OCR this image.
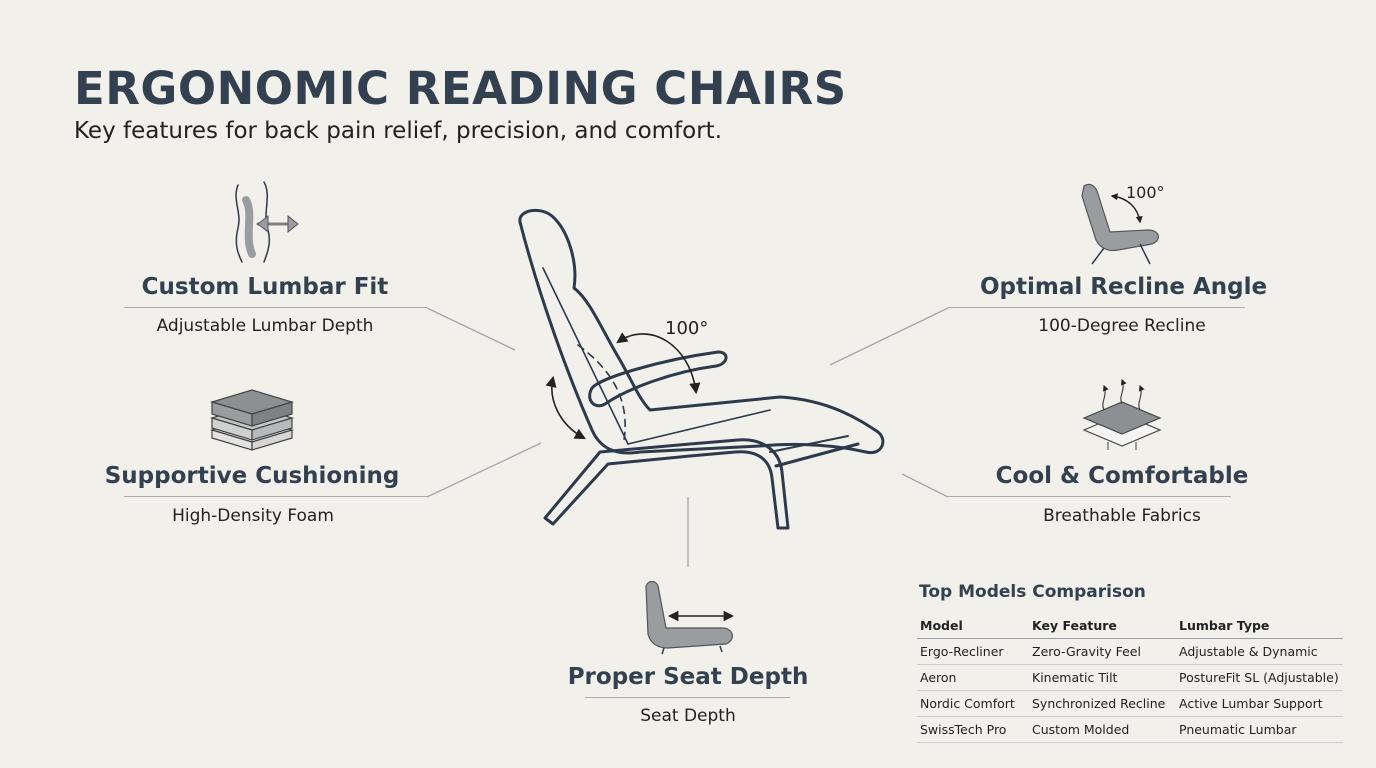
ERGONOMIC READING CHAIRS
Key features for back pain relief, precision, and comfort.
100°
100°
Custom Lumbar Fit
Adjustable Lumbar Depth
Supportive Cushioning
High-Density Foam
Optimal Recline Angle
100-Degree Recline
Cool & Comfortable
Breathable Fabrics
Proper Seat Depth
Seat Depth
Top Models Comparison
Model	Key Feature	Lumbar Type
Ergo-Recliner	Zero-Gravity Feel	Adjustable & Dynamic
Aeron	Kinematic Tilt	PostureFit SL (Adjustable)
Nordic Comfort	Synchronized Recline	Active Lumbar Support
SwissTech Pro	Custom Molded	Pneumatic Lumbar
